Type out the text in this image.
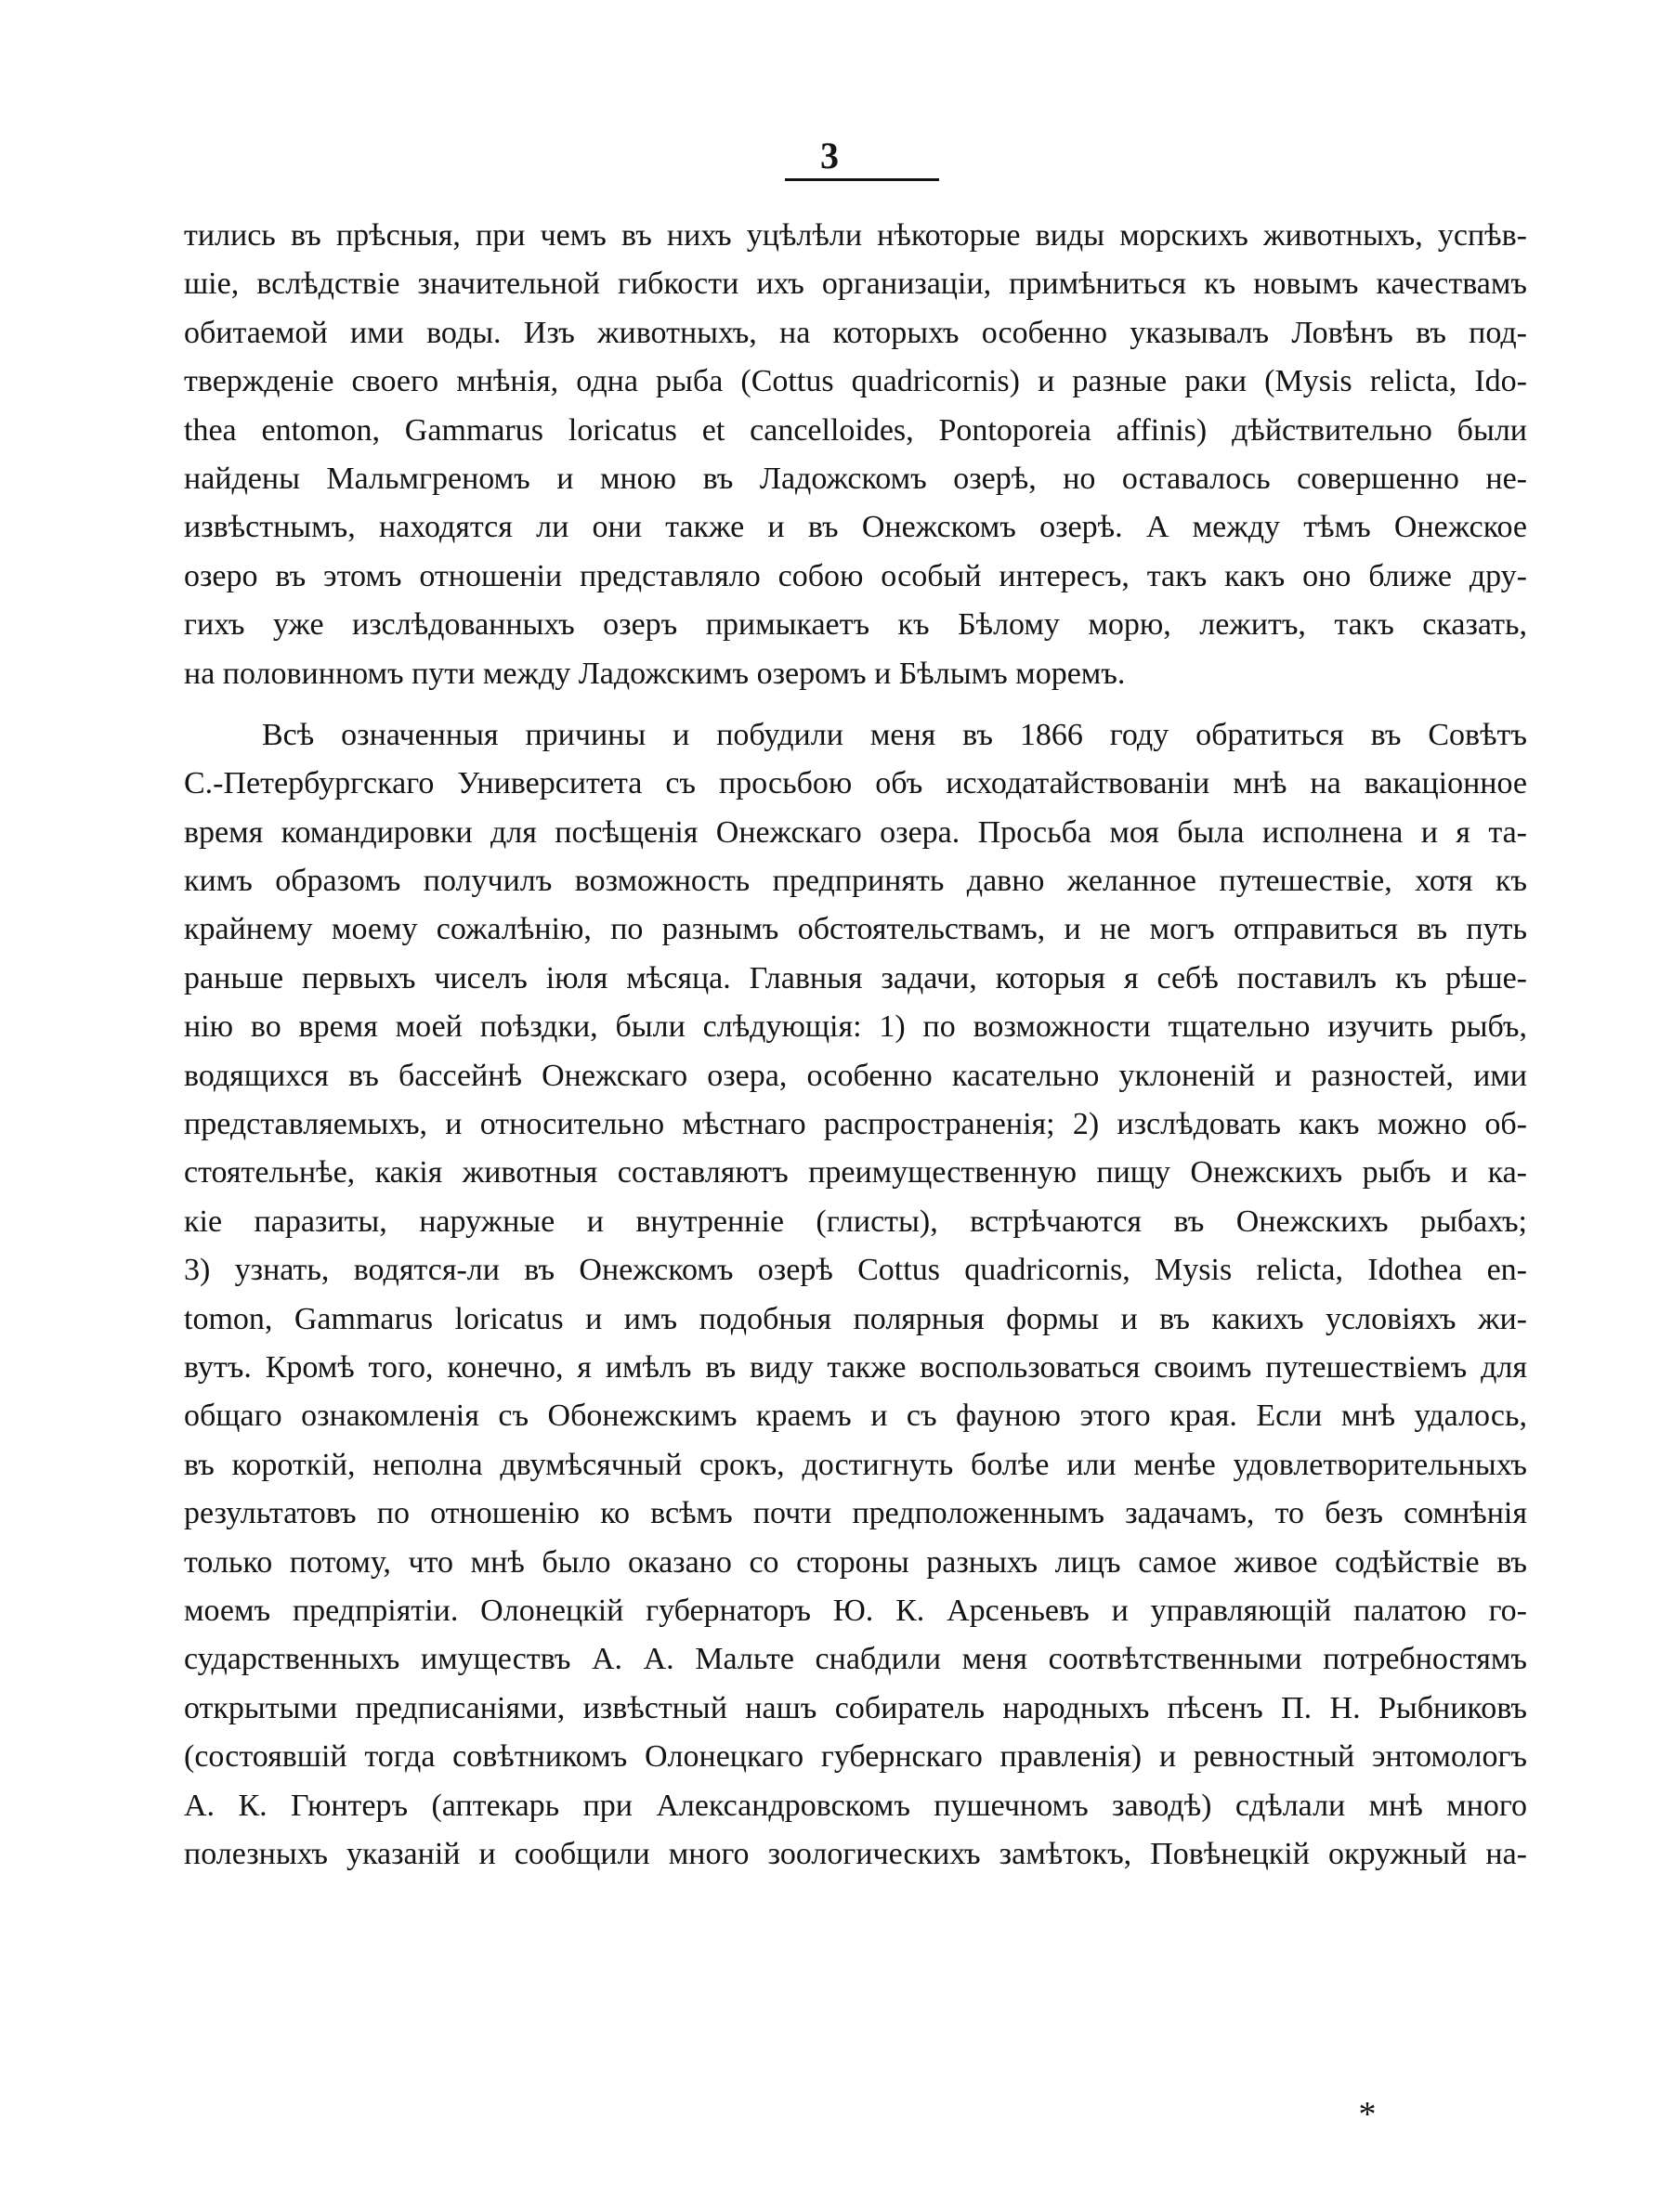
3
тились въ прѣсныя, при чемъ въ нихъ уцѣлѣли нѣкоторые виды морскихъ животныхъ, успѣв-
шіе, вслѣдствіе значительной гибкости ихъ организаціи, примѣниться къ новымъ качествамъ
обитаемой ими воды. Изъ животныхъ, на которыхъ особенно указывалъ Ловѣнъ въ под-
твержденіе своего мнѣнія, одна рыба (Cottus quadricornis) и разные раки (Mysis relicta, Ido-
thea entomon, Gammarus loricatus et cancelloides, Pontoporeia affinis) дѣйствительно были
найдены Мальмгреномъ и мною въ Ладожскомъ озерѣ, но оставалось совершенно не-
извѣстнымъ, находятся ли они также и въ Онежскомъ озерѣ. А между тѣмъ Онежское
озеро въ этомъ отношеніи представляло собою особый интересъ, такъ какъ оно ближе дру-
гихъ уже изслѣдованныхъ озеръ примыкаетъ къ Бѣлому морю, лежитъ, такъ сказать,
на половинномъ пути между Ладожскимъ озеромъ и Бѣлымъ моремъ.
Всѣ означенныя причины и побудили меня въ 1866 году обратиться въ Совѣтъ
С.-Петербургскаго Университета съ просьбою объ исходатайствованіи мнѣ на вакаціонное
время командировки для посѣщенія Онежскаго озера. Просьба моя была исполнена и я та-
кимъ образомъ получилъ возможность предпринять давно желанное путешествіе, хотя къ
крайнему моему сожалѣнію, по разнымъ обстоятельствамъ, и не могъ отправиться въ путь
раньше первыхъ чиселъ іюля мѣсяца. Главныя задачи, которыя я себѣ поставилъ къ рѣше-
нію во время моей поѣздки, были слѣдующія: 1) по возможности тщательно изучить рыбъ,
водящихся въ бассейнѣ Онежскаго озера, особенно касательно уклоненій и разностей, ими
представляемыхъ, и относительно мѣстнаго распространенія; 2) изслѣдовать какъ можно об-
стоятельнѣе, какія животныя составляютъ преимущественную пищу Онежскихъ рыбъ и ка-
кіе паразиты, наружные и внутренніе (глисты), встрѣчаются въ Онежскихъ рыбахъ;
3) узнать, водятся-ли въ Онежскомъ озерѣ Cottus quadricornis, Mysis relicta, Idothea en-
tomon, Gammarus loricatus и имъ подобныя полярныя формы и въ какихъ условіяхъ жи-
вутъ. Кромѣ того, конечно, я имѣлъ въ виду также воспользоваться своимъ путешествіемъ для
общаго ознакомленія съ Обонежскимъ краемъ и съ фауною этого края. Если мнѣ удалось,
въ короткій, неполна двумѣсячный срокъ, достигнуть болѣе или менѣе удовлетворительныхъ
результатовъ по отношенію ко всѣмъ почти предположеннымъ задачамъ, то безъ сомнѣнія
только потому, что мнѣ было оказано со стороны разныхъ лицъ самое живое содѣйствіе въ
моемъ предпріятіи. Олонецкій губернаторъ Ю. К. Арсеньевъ и управляющій палатою го-
сударственныхъ имуществъ А. А. Мальте снабдили меня соотвѣтственными потребностямъ
открытыми предписаніями, извѣстный нашъ собиратель народныхъ пѣсенъ П. Н. Рыбниковъ
(состоявшій тогда совѣтникомъ Олонецкаго губернскаго правленія) и ревностный энтомологъ
А. К. Гюнтеръ (аптекарь при Александровскомъ пушечномъ заводѣ) сдѣлали мнѣ много
полезныхъ указаній и сообщили много зоологическихъ замѣтокъ, Повѣнецкій окружный на-
*
